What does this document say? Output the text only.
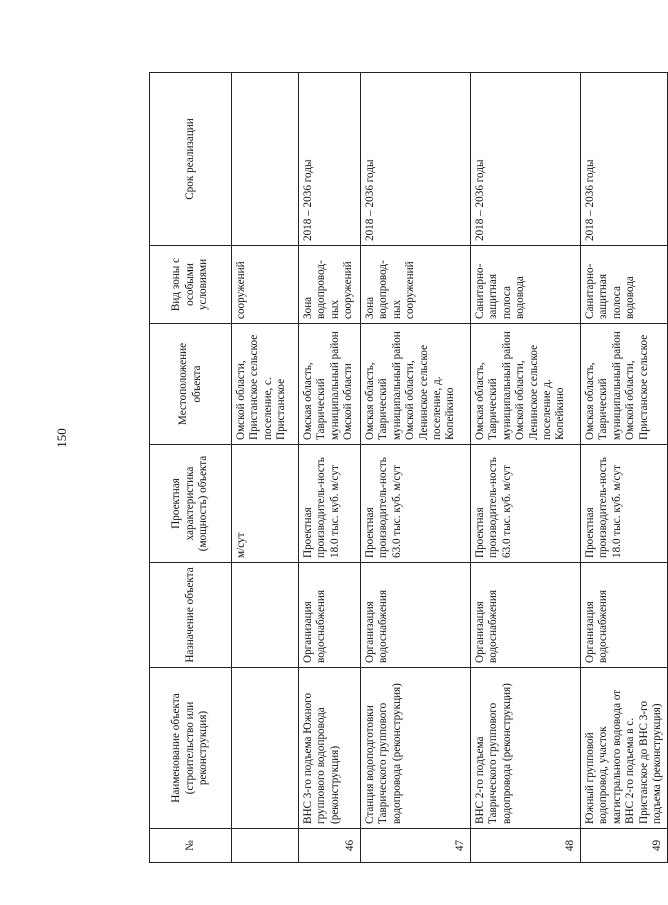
150
№	Наименование объекта (строительство или реконструкция)	Назначение объекта	Проектная характеристика (мощность) объекта	Местоположение объекта	Вид зоны с особыми условиями	Срок реализации
			м/сут	Омской области, Пристанское сельское поселение, с. Пристанское	сооружений	
46	ВНС 3-го подъема Южного группового водопровода (реконструкция)	Организация водоснабжения	Проектная производитель-ность 18.0 тыс. куб. м/сут	Омская область, Таврический муниципальный район Омской области	Зона водопровод-ных сооружений	2018 – 2036 годы
47	Станция водоподготовки Таврического группового водопровода (реконструкция)	Организация водоснабжения	Проектная производитель-ность 63.0 тыс. куб. м/сут	Омская область, Таврический муниципальный район Омской области, Ленинское сельское поселение, д. Копейкино	Зона водопровод-ных сооружений	2018 – 2036 годы
48	ВНС 2-го подъема Таврического группового водопровода (реконструкция)	Организация водоснабжения	Проектная производитель-ность 63.0 тыс. куб. м/сут	Омская область, Таврический муниципальный район Омской области, Ленинское сельское поселение д. Копейкино	Санитарно-защитная полоса водовода	2018 – 2036 годы
49	Южный групповой водопровод, участок магистрального водовода от ВНС 2-го подъема в с. Пристанское до ВНС 3-го подъема (реконструкция)	Организация водоснабжения	Проектная производитель-ность 18.0 тыс. куб. м/сут	Омская область, Таврический муниципальный район Омской области, Пристанское сельское	Санитарно-защитная полоса водовода	2018 – 2036 годы
